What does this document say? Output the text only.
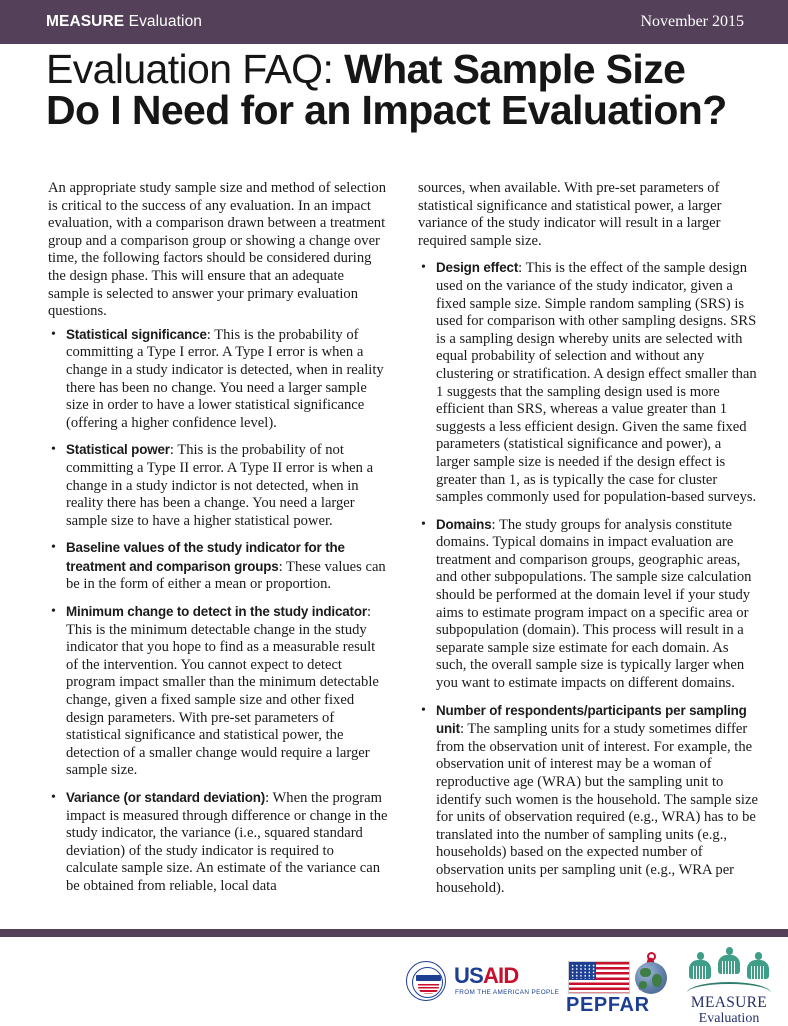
MEASURE Evaluation	November 2015
Evaluation FAQ: What Sample Size Do I Need for an Impact Evaluation?

An appropriate study sample size and method of selection is critical to the success of any evaluation. In an impact evaluation, with a comparison drawn between a treatment group and a comparison group or showing a change over time, the following factors should be considered during the design phase. This will ensure that an adequate sample is selected to answer your primary evaluation questions.

• Statistical significance: This is the probability of committing a Type I error. A Type I error is when a change in a study indicator is detected, when in reality there has been no change. You need a larger sample size in order to have a lower statistical significance (offering a higher confidence level).
• Statistical power: This is the probability of not committing a Type II error. A Type II error is when a change in a study indictor is not detected, when in reality there has been a change. You need a larger sample size to have a higher statistical power.
• Baseline values of the study indicator for the treatment and comparison groups: These values can be in the form of either a mean or proportion.
• Minimum change to detect in the study indicator: This is the minimum detectable change in the study indicator that you hope to find as a measurable result of the intervention. You cannot expect to detect program impact smaller than the minimum detectable change, given a fixed sample size and other fixed design parameters. With pre-set parameters of statistical significance and statistical power, the detection of a smaller change would require a larger sample size.
• Variance (or standard deviation): When the program impact is measured through difference or change in the study indicator, the variance (i.e., squared standard deviation) of the study indicator is required to calculate sample size. An estimate of the variance can be obtained from reliable, local data

sources, when available. With pre-set parameters of statistical significance and statistical power, a larger variance of the study indicator will result in a larger required sample size.

• Design effect: This is the effect of the sample design used on the variance of the study indicator, given a fixed sample size. Simple random sampling (SRS) is used for comparison with other sampling designs. SRS is a sampling design whereby units are selected with equal probability of selection and without any clustering or stratification. A design effect smaller than 1 suggests that the sampling design used is more efficient than SRS, whereas a value greater than 1 suggests a less efficient design. Given the same fixed parameters (statistical significance and power), a larger sample size is needed if the design effect is greater than 1, as is typically the case for cluster samples commonly used for population-based surveys.
• Domains: The study groups for analysis constitute domains. Typical domains in impact evaluation are treatment and comparison groups, geographic areas, and other subpopulations. The sample size calculation should be performed at the domain level if your study aims to estimate program impact on a specific area or subpopulation (domain). This process will result in a separate sample size estimate for each domain. As such, the overall sample size is typically larger when you want to estimate impacts on different domains.
• Number of respondents/participants per sampling unit: The sampling units for a study sometimes differ from the observation unit of interest. For example, the observation unit of interest may be a woman of reproductive age (WRA) but the sampling unit to identify such women is the household. The sample size for units of observation required (e.g., WRA) has to be translated into the number of sampling units (e.g., households) based on the expected number of observation units per sampling unit (e.g., WRA per household).
USAID
FROM THE AMERICAN PEOPLE
PEPFAR	MEASURE
Evaluation
